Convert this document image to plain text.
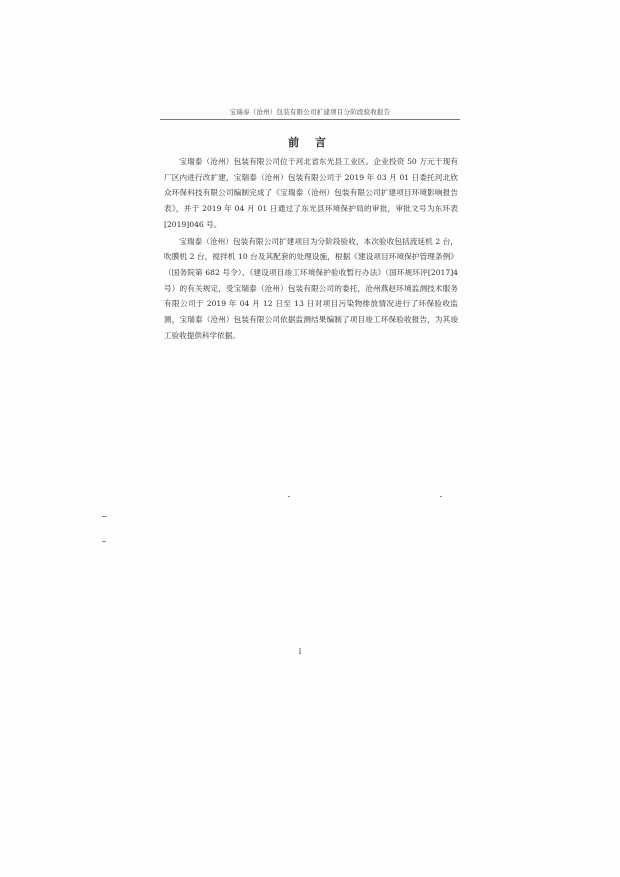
宝瑞泰（沧州）包装有限公司扩建项目分阶段验收报告
前 言

宝瑞泰（沧州）包装有限公司位于河北省东光县工业区。企业投资 50 万元于现有厂区内进行改扩建，宝瑞泰（沧州）包装有限公司于 2019 年 03 月 01 日委托河北欣众环保科技有限公司编制完成了《宝瑞泰（沧州）包装有限公司扩建项目环境影响报告表》，并于 2019 年 04 月 01 日通过了东光县环境保护局的审批，审批文号为东环表[2019]046 号。

宝瑞泰（沧州）包装有限公司扩建项目为分阶段验收，本次验收包括流延机 2 台，吹膜机 2 台，搅拌机 10 台及其配套的处理设施，根据《建设项目环境保护管理条例》（国务院第 682 号令）、《建设项目竣工环境保护验收暂行办法》（国环规环评[2017]4 号）的有关规定，受宝瑞泰（沧州）包装有限公司的委托，沧州燕赵环境监测技术服务有限公司于 2019 年 04 月 12 日至 13 日对项目污染物排放情况进行了环保验收监测，宝瑞泰（沧州）包装有限公司依据监测结果编制了项目竣工环保验收报告，为其竣工验收提供科学依据。

I
